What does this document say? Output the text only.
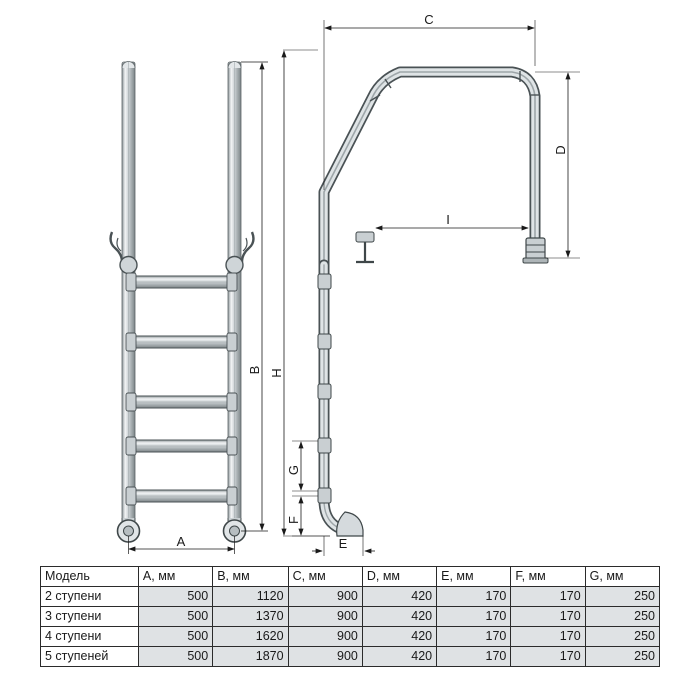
A
B
C
D
I
H
G
F
E
Модель	A, мм	B, мм	C, мм	D, мм	E, мм	F, мм	G, мм
2 ступени	500	1120	900	420	170	170	250
3 ступени	500	1370	900	420	170	170	250
4 ступени	500	1620	900	420	170	170	250
5 ступеней	500	1870	900	420	170	170	250
